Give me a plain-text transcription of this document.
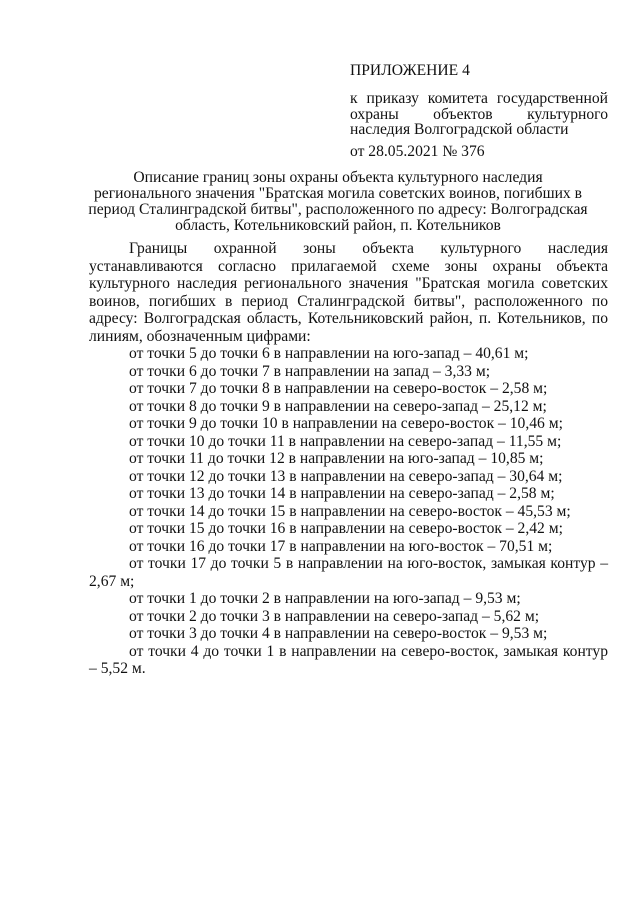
ПРИЛОЖЕНИЕ 4
к приказу комитета государственной охраны объектов культурного наследия Волгоградской области
от 28.05.2021 № 376
Описание границ зоны охраны объекта культурного наследия регионального значения "Братская могила советских воинов, погибших в период Сталинградской битвы", расположенного по адресу: Волгоградская область, Котельниковский район, п. Котельников

Границы охранной зоны объекта культурного наследия устанавливаются согласно прилагаемой схеме зоны охраны объекта культурного наследия регионального значения "Братская могила советских воинов, погибших в период Сталинградской битвы", расположенного по адресу: Волгоградская область, Котельниковский район, п. Котельников, по линиям, обозначенным цифрами:

от точки 5 до точки 6 в направлении на юго-запад – 40,61 м;
от точки 6 до точки 7 в направлении на запад – 3,33 м;
от точки 7 до точки 8 в направлении на северо-восток – 2,58 м;
от точки 8 до точки 9 в направлении на северо-запад – 25,12 м;
от точки 9 до точки 10 в направлении на северо-восток – 10,46 м;
от точки 10 до точки 11 в направлении на северо-запад – 11,55 м;
от точки 11 до точки 12 в направлении на юго-запад – 10,85 м;
от точки 12 до точки 13 в направлении на северо-запад – 30,64 м;
от точки 13 до точки 14 в направлении на северо-запад – 2,58 м;
от точки 14 до точки 15 в направлении на северо-восток – 45,53 м;
от точки 15 до точки 16 в направлении на северо-восток – 2,42 м;
от точки 16 до точки 17 в направлении на юго-восток – 70,51 м;
от точки 17 до точки 5 в направлении на юго-восток, замыкая контур – 2,67 м;
от точки 1 до точки 2 в направлении на юго-запад – 9,53 м;
от точки 2 до точки 3 в направлении на северо-запад – 5,62 м;
от точки 3 до точки 4 в направлении на северо-восток – 9,53 м;
от точки 4 до точки 1 в направлении на северо-восток, замыкая контур – 5,52 м.
